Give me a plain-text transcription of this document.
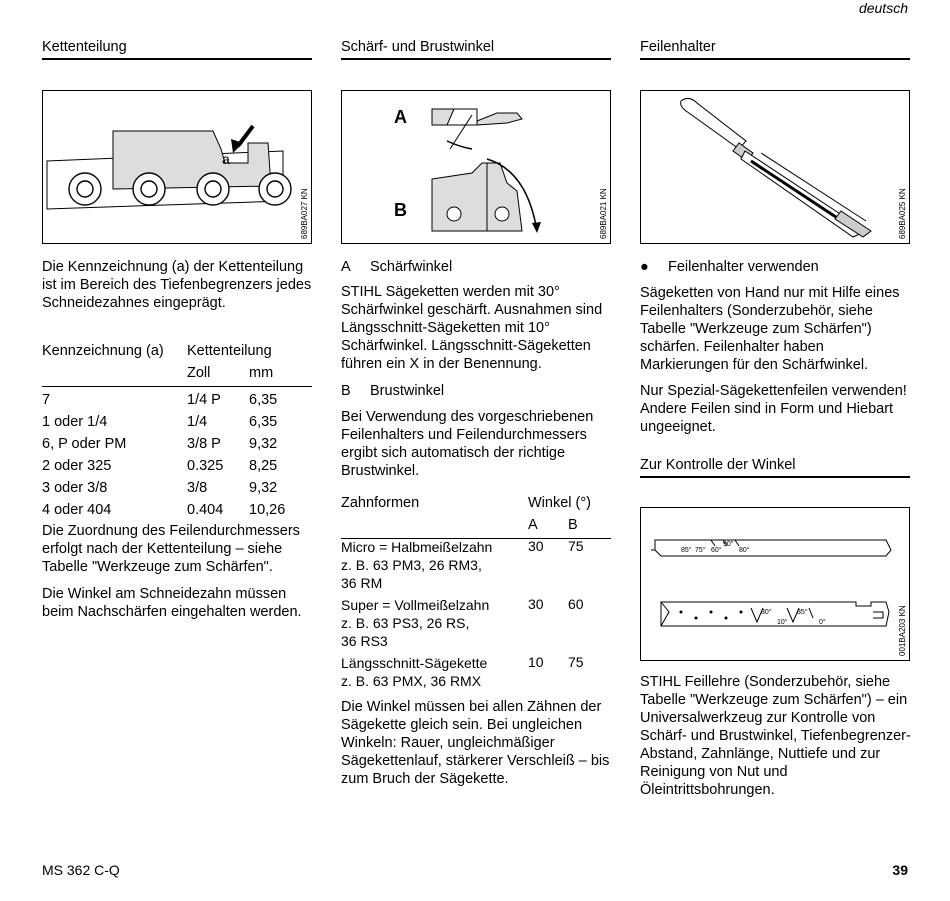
deutsch
Kettenteilung
a
689BA027 KN
Die Kennzeichnung (a) der Kettenteilung ist im Bereich des Tiefenbegrenzers jedes Schneidezahnes eingeprägt.
Kennzeichnung (a)	Kettenteilung	
	Zoll	mm
7	1/4 P	6,35
1 oder 1/4	1/4	6,35
6, P oder PM	3/8 P	9,32
2 oder 325	0.325	8,25
3 oder 3/8	3/8	9,32
4 oder 404	0.404	10,26
Die Zuordnung des Feilendurchmessers erfolgt nach der Kettenteilung – siehe Tabelle "Werkzeuge zum Schärfen".
Die Winkel am Schneidezahn müssen beim Nachschärfen eingehalten werden.
Schärf- und Brustwinkel
A
B	689BA021 KN
A Schärfwinkel
STIHL Sägeketten werden mit 30° Schärfwinkel geschärft. Ausnahmen sind Längsschnitt-Sägeketten mit 10° Schärfwinkel. Längsschnitt-Sägeketten führen ein X in der Benennung.
B Brustwinkel
Bei Verwendung des vorgeschriebenen Feilenhalters und Feilendurchmessers ergibt sich automatisch der richtige Brustwinkel.
Zahnformen	Winkel (°)	
	A	B
Micro = Halbmeißelzahn
z. B. 63 PM3, 26 RM3,
36 RM
30 75
Super = Vollmeißelzahn
z. B. 63 PS3, 26 RS,
36 RS3
30 60
Längsschnitt-Sägekette
z. B. 63 PMX, 36 RMX
10 75
Die Winkel müssen bei allen Zähnen der Sägekette gleich sein. Bei ungleichen Winkeln: Rauer, ungleichmäßiger Sägekettenlauf, stärkerer Verschleiß – bis zum Bruch der Sägekette.
Feilenhalter
689BA025 KN
● Feilenhalter verwenden
Sägeketten von Hand nur mit Hilfe eines Feilenhalters (Sonderzubehör, siehe Tabelle "Werkzeuge zum Schärfen") schärfen. Feilenhalter haben Markierungen für den Schärfwinkel.
Nur Spezial-Sägekettenfeilen verwenden! Andere Feilen sind in Form und Hiebart ungeeignet.
Zur Kontrolle der Winkel
85° 75° 60°
90°
80°
30°
10°
35°
0°	001BA203 KN
STIHL Feillehre (Sonderzubehör, siehe Tabelle "Werkzeuge zum Schärfen") – ein Universalwerkzeug zur Kontrolle von Schärf- und Brustwinkel, Tiefenbegrenzer-Abstand, Zahnlänge, Nuttiefe und zur Reinigung von Nut und Öleintrittsbohrungen.
MS 362 C-Q	39
